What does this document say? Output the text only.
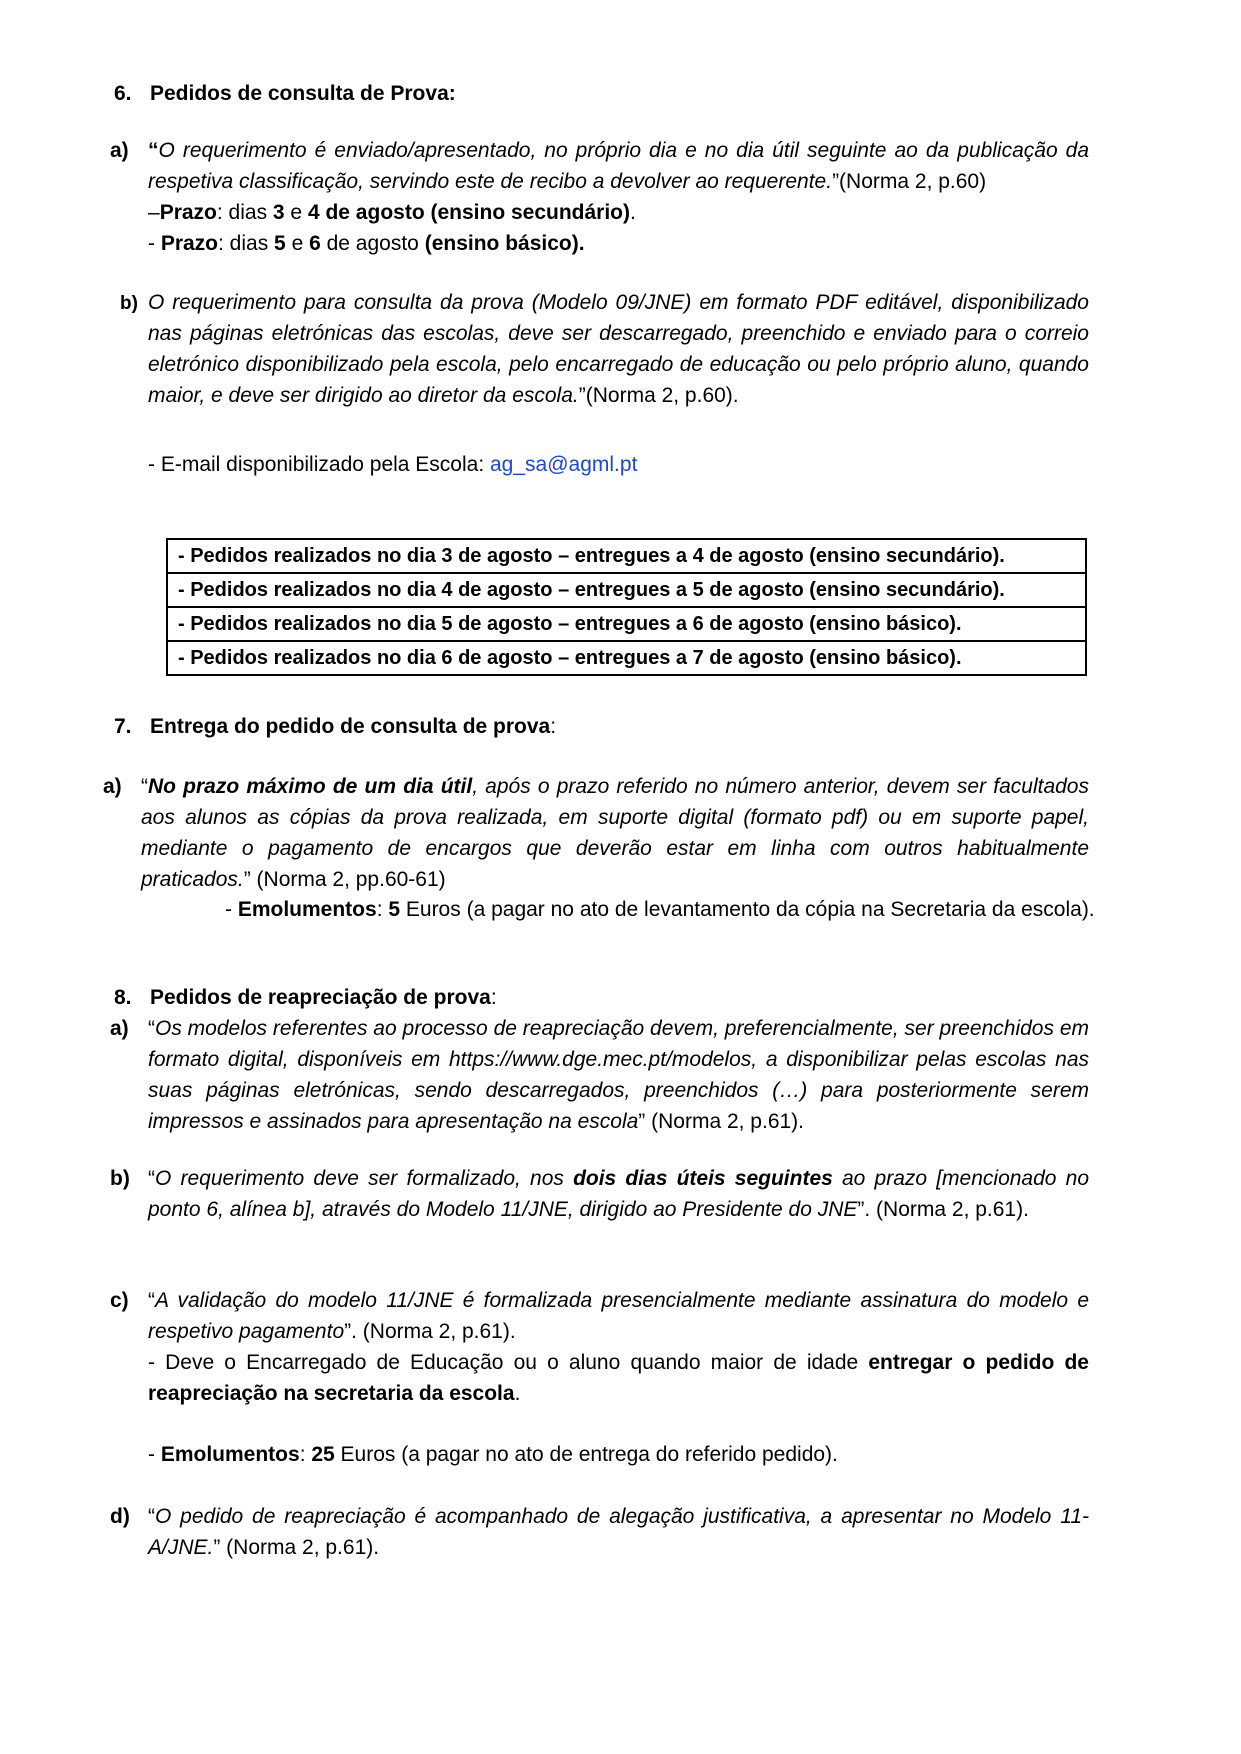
6. Pedidos de consulta de Prova:
a) “O requerimento é enviado/apresentado, no próprio dia e no dia útil seguinte ao da publicação da respetiva classificação, servindo este de recibo a devolver ao requerente.”(Norma 2, p.60)
–Prazo: dias 3 e 4 de agosto (ensino secundário).
- Prazo: dias 5 e 6 de agosto (ensino básico).
b) O requerimento para consulta da prova (Modelo 09/JNE) em formato PDF editável, disponibilizado nas páginas eletrónicas das escolas, deve ser descarregado, preenchido e enviado para o correio eletrónico disponibilizado pela escola, pelo encarregado de educação ou pelo próprio aluno, quando maior, e deve ser dirigido ao diretor da escola.”(Norma 2, p.60).
- E-mail disponibilizado pela Escola: ag_sa@agml.pt
- Pedidos realizados no dia 3 de agosto – entregues a 4 de agosto (ensino secundário).
- Pedidos realizados no dia 4 de agosto – entregues a 5 de agosto (ensino secundário).
- Pedidos realizados no dia 5 de agosto – entregues a 6 de agosto (ensino básico).
- Pedidos realizados no dia 6 de agosto – entregues a 7 de agosto (ensino básico).
7. Entrega do pedido de consulta de prova:
a) “No prazo máximo de um dia útil, após o prazo referido no número anterior, devem ser facultados aos alunos as cópias da prova realizada, em suporte digital (formato pdf) ou em suporte papel, mediante o pagamento de encargos que deverão estar em linha com outros habitualmente praticados.” (Norma 2, pp.60-61)
- Emolumentos: 5 Euros (a pagar no ato de levantamento da cópia na Secretaria da escola).
8. Pedidos de reapreciação de prova:
a) “Os modelos referentes ao processo de reapreciação devem, preferencialmente, ser preenchidos em formato digital, disponíveis em https://www.dge.mec.pt/modelos, a disponibilizar pelas escolas nas suas páginas eletrónicas, sendo descarregados, preenchidos (…) para posteriormente serem impressos e assinados para apresentação na escola” (Norma 2, p.61).
b) “O requerimento deve ser formalizado, nos dois dias úteis seguintes ao prazo [mencionado no ponto 6, alínea b], através do Modelo 11/JNE, dirigido ao Presidente do JNE”. (Norma 2, p.61).
c) “A validação do modelo 11/JNE é formalizada presencialmente mediante assinatura do modelo e respetivo pagamento”. (Norma 2, p.61).
- Deve o Encarregado de Educação ou o aluno quando maior de idade entregar o pedido de reapreciação na secretaria da escola.
- Emolumentos: 25 Euros (a pagar no ato de entrega do referido pedido).
d) “O pedido de reapreciação é acompanhado de alegação justificativa, a apresentar no Modelo 11-A/JNE.” (Norma 2, p.61).
